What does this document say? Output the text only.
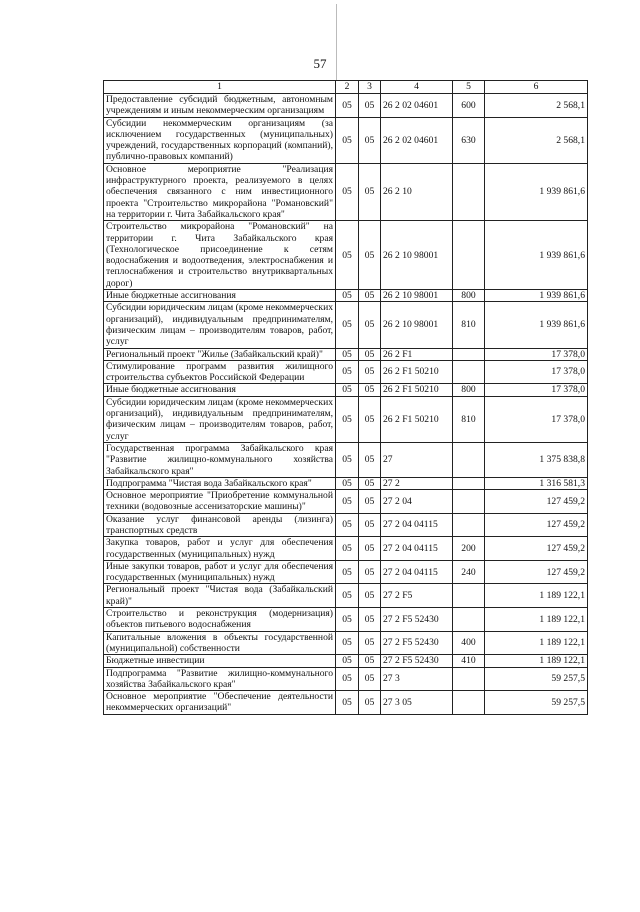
57
1	2	3	4	5	6
Предоставление субсидий бюджетным, автономным учреждениям и иным некоммерческим организациям	05	05	26 2 02 04601	600	2 568,1
Субсидии некоммерческим организациям (за исключением государственных (муниципальных) учреждений, государственных корпораций (компаний), публично-правовых компаний)	05	05	26 2 02 04601	630	2 568,1
Основное мероприятие "Реализация инфраструктурного проекта, реализуемого в целях обеспечения связанного с ним инвестиционного проекта "Строительство микрорайона "Романовский" на территории г. Чита Забайкальского края"	05	05	26 2 10		1 939 861,6
Строительство микрорайона "Романовский" на территории г. Чита Забайкальского края (Технологическое присоединение к сетям водоснабжения и водоотведения, электроснабжения и теплоснабжения и строительство внутриквартальных дорог)	05	05	26 2 10 98001		1 939 861,6
Иные бюджетные ассигнования	05	05	26 2 10 98001	800	1 939 861,6
Субсидии юридическим лицам (кроме некоммерческих организаций), индивидуальным предпринимателям, физическим лицам – производителям товаров, работ, услуг	05	05	26 2 10 98001	810	1 939 861,6
Региональный проект "Жилье (Забайкальский край)"	05	05	26 2 F1		17 378,0
Стимулирование программ развития жилищного строительства субъектов Российской Федерации	05	05	26 2 F1 50210		17 378,0
Иные бюджетные ассигнования	05	05	26 2 F1 50210	800	17 378,0
Субсидии юридическим лицам (кроме некоммерческих организаций), индивидуальным предпринимателям, физическим лицам – производителям товаров, работ, услуг	05	05	26 2 F1 50210	810	17 378,0
Государственная программа Забайкальского края "Развитие жилищно-коммунального хозяйства Забайкальского края"	05	05	27		1 375 838,8
Подпрограмма "Чистая вода Забайкальского края"	05	05	27 2		1 316 581,3
Основное мероприятие "Приобретение коммунальной техники (водовозные ассенизаторские машины)"	05	05	27 2 04		127 459,2
Оказание услуг финансовой аренды (лизинга) транспортных средств	05	05	27 2 04 04115		127 459,2
Закупка товаров, работ и услуг для обеспечения государственных (муниципальных) нужд	05	05	27 2 04 04115	200	127 459,2
Иные закупки товаров, работ и услуг для обеспечения государственных (муниципальных) нужд	05	05	27 2 04 04115	240	127 459,2
Региональный проект "Чистая вода (Забайкальский край)"	05	05	27 2 F5		1 189 122,1
Строительство и реконструкция (модернизация) объектов питьевого водоснабжения	05	05	27 2 F5 52430		1 189 122,1
Капитальные вложения в объекты государственной (муниципальной) собственности	05	05	27 2 F5 52430	400	1 189 122,1
Бюджетные инвестиции	05	05	27 2 F5 52430	410	1 189 122,1
Подпрограмма "Развитие жилищно-коммунального хозяйства Забайкальского края"	05	05	27 3		59 257,5
Основное мероприятие "Обеспечение деятельности некоммерческих организаций"	05	05	27 3 05		59 257,5
